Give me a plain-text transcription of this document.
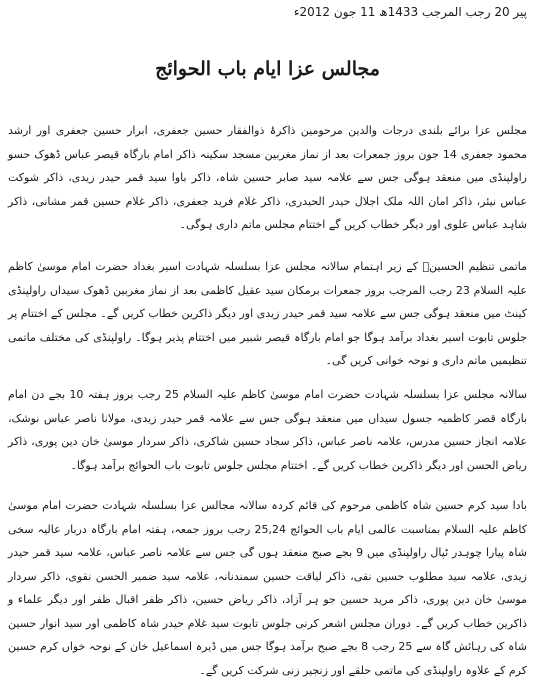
پیر 20 رجب المرجب 1433ھ 11 جون 2012ء
مجالس عزا ایام باب الحوائج
مجلس عزا برائے بلندی درجات والدین مرحومین ذاکرۂ ذوالفقار حسین جعفری، ابرار حسین جعفری اور ارشد محمود جعفری 14 جون بروز جمعرات بعد از نماز مغربین مسجد سکینہ ذاکر امام بارگاہ قیصر عباس ڈھوک حسو راولپنڈی میں منعقد ہوگی جس سے علامہ سید صابر حسین شاہ، ذاکر باوا سید قمر حیدر زیدی، ذاکر شوکت عباس نیئر، ذاکر امان اللہ ملک اجلال حیدر الحیدری، ذاکر غلام فرید جعفری، ذاکر غلام حسین قمر مشانی، ذاکر شاہد عباس علوی اور دیگر خطاب کریں گے اختتام مجلس ماتم داری ہوگی۔
ماتمی تنظیم الحسینؑ کے زیر اہتمام سالانہ مجلس عزا بسلسلہ شہادت اسیر بغداد حضرت امام موسیٰ کاظم علیہ السلام 23 رجب المرجب بروز جمعرات برمکان سید عقیل کاظمی بعد از نماز مغربین ڈھوک سیداں راولپنڈی کینٹ میں منعقد ہوگی جس سے علامہ سید قمر حیدر زیدی اور دیگر ذاکرین خطاب کریں گے۔ مجلس کے اختتام پر جلوس تابوت اسیر بغداد برآمد ہوگا جو امام بارگاہ قیصر شبیر میں اختتام پذیر ہوگا۔ راولپنڈی کی مختلف ماتمی تنظیمیں ماتم داری و نوحہ خوانی کریں گی۔
سالانہ مجلس عزا بسلسلہ شہادت حضرت امام موسیٰ کاظم علیہ السلام 25 رجب بروز ہفتہ 10 بجے دن امام بارگاہ قصر کاظمیہ جسول سیداں میں منعقد ہوگی جس سے علامہ قمر حیدر زیدی، مولانا ناصر عباس نوشک، علامہ انجاز حسین مدرس، علامہ ناصر عباس، ذاکر سجاد حسین شاکری، ذاکر سردار موسیٰ خان دین پوری، ذاکر ریاض الحسن اور دیگر ذاکرین خطاب کریں گے۔ اختتام مجلس جلوس تابوت باب الحوائج برآمد ہوگا۔
بادا سید کرم حسین شاہ کاظمی مرحوم کی قائم کردہ سالانہ مجالس عزا بسلسلہ شہادت حضرت امام موسیٰ کاظم علیہ السلام بمناسبت عالمی ایام باب الحوائج 25,24 رجب بروز جمعہ، ہفتہ امام بارگاہ دربار عالیہ سخی شاہ پیارا چوہدر ٹپال راولپنڈی میں 9 بجے صبح منعقد ہوں گی جس سے علامہ ناصر عباس، علامہ سید قمر حیدر زیدی، علامہ سید مطلوب حسین نقی، ذاکر لیاقت حسین سمندنانہ، علامہ سید ضمیر الحسن نقوی، ذاکر سردار موسیٰ خان دین پوری، ذاکر مرید حسین جو ہر آزاد، ذاکر ریاض حسین، ذاکر ظفر اقبال ظفر اور دیگر علماء و ذاکرین خطاب کریں گے۔ دوران مجلس اشعر کرنی جلوس تابوت سید غلام حیدر شاہ کاظمی اور سید انوار حسین شاہ کی رہائش گاہ سے 25 رجب 8 بجے صبح برآمد ہوگا جس میں ڈیرہ اسماعیل خان کے نوحہ خواں کرم حسین کرم کے علاوہ راولپنڈی کی ماتمی حلقے اور زنجیر زنی شرکت کریں گے۔
